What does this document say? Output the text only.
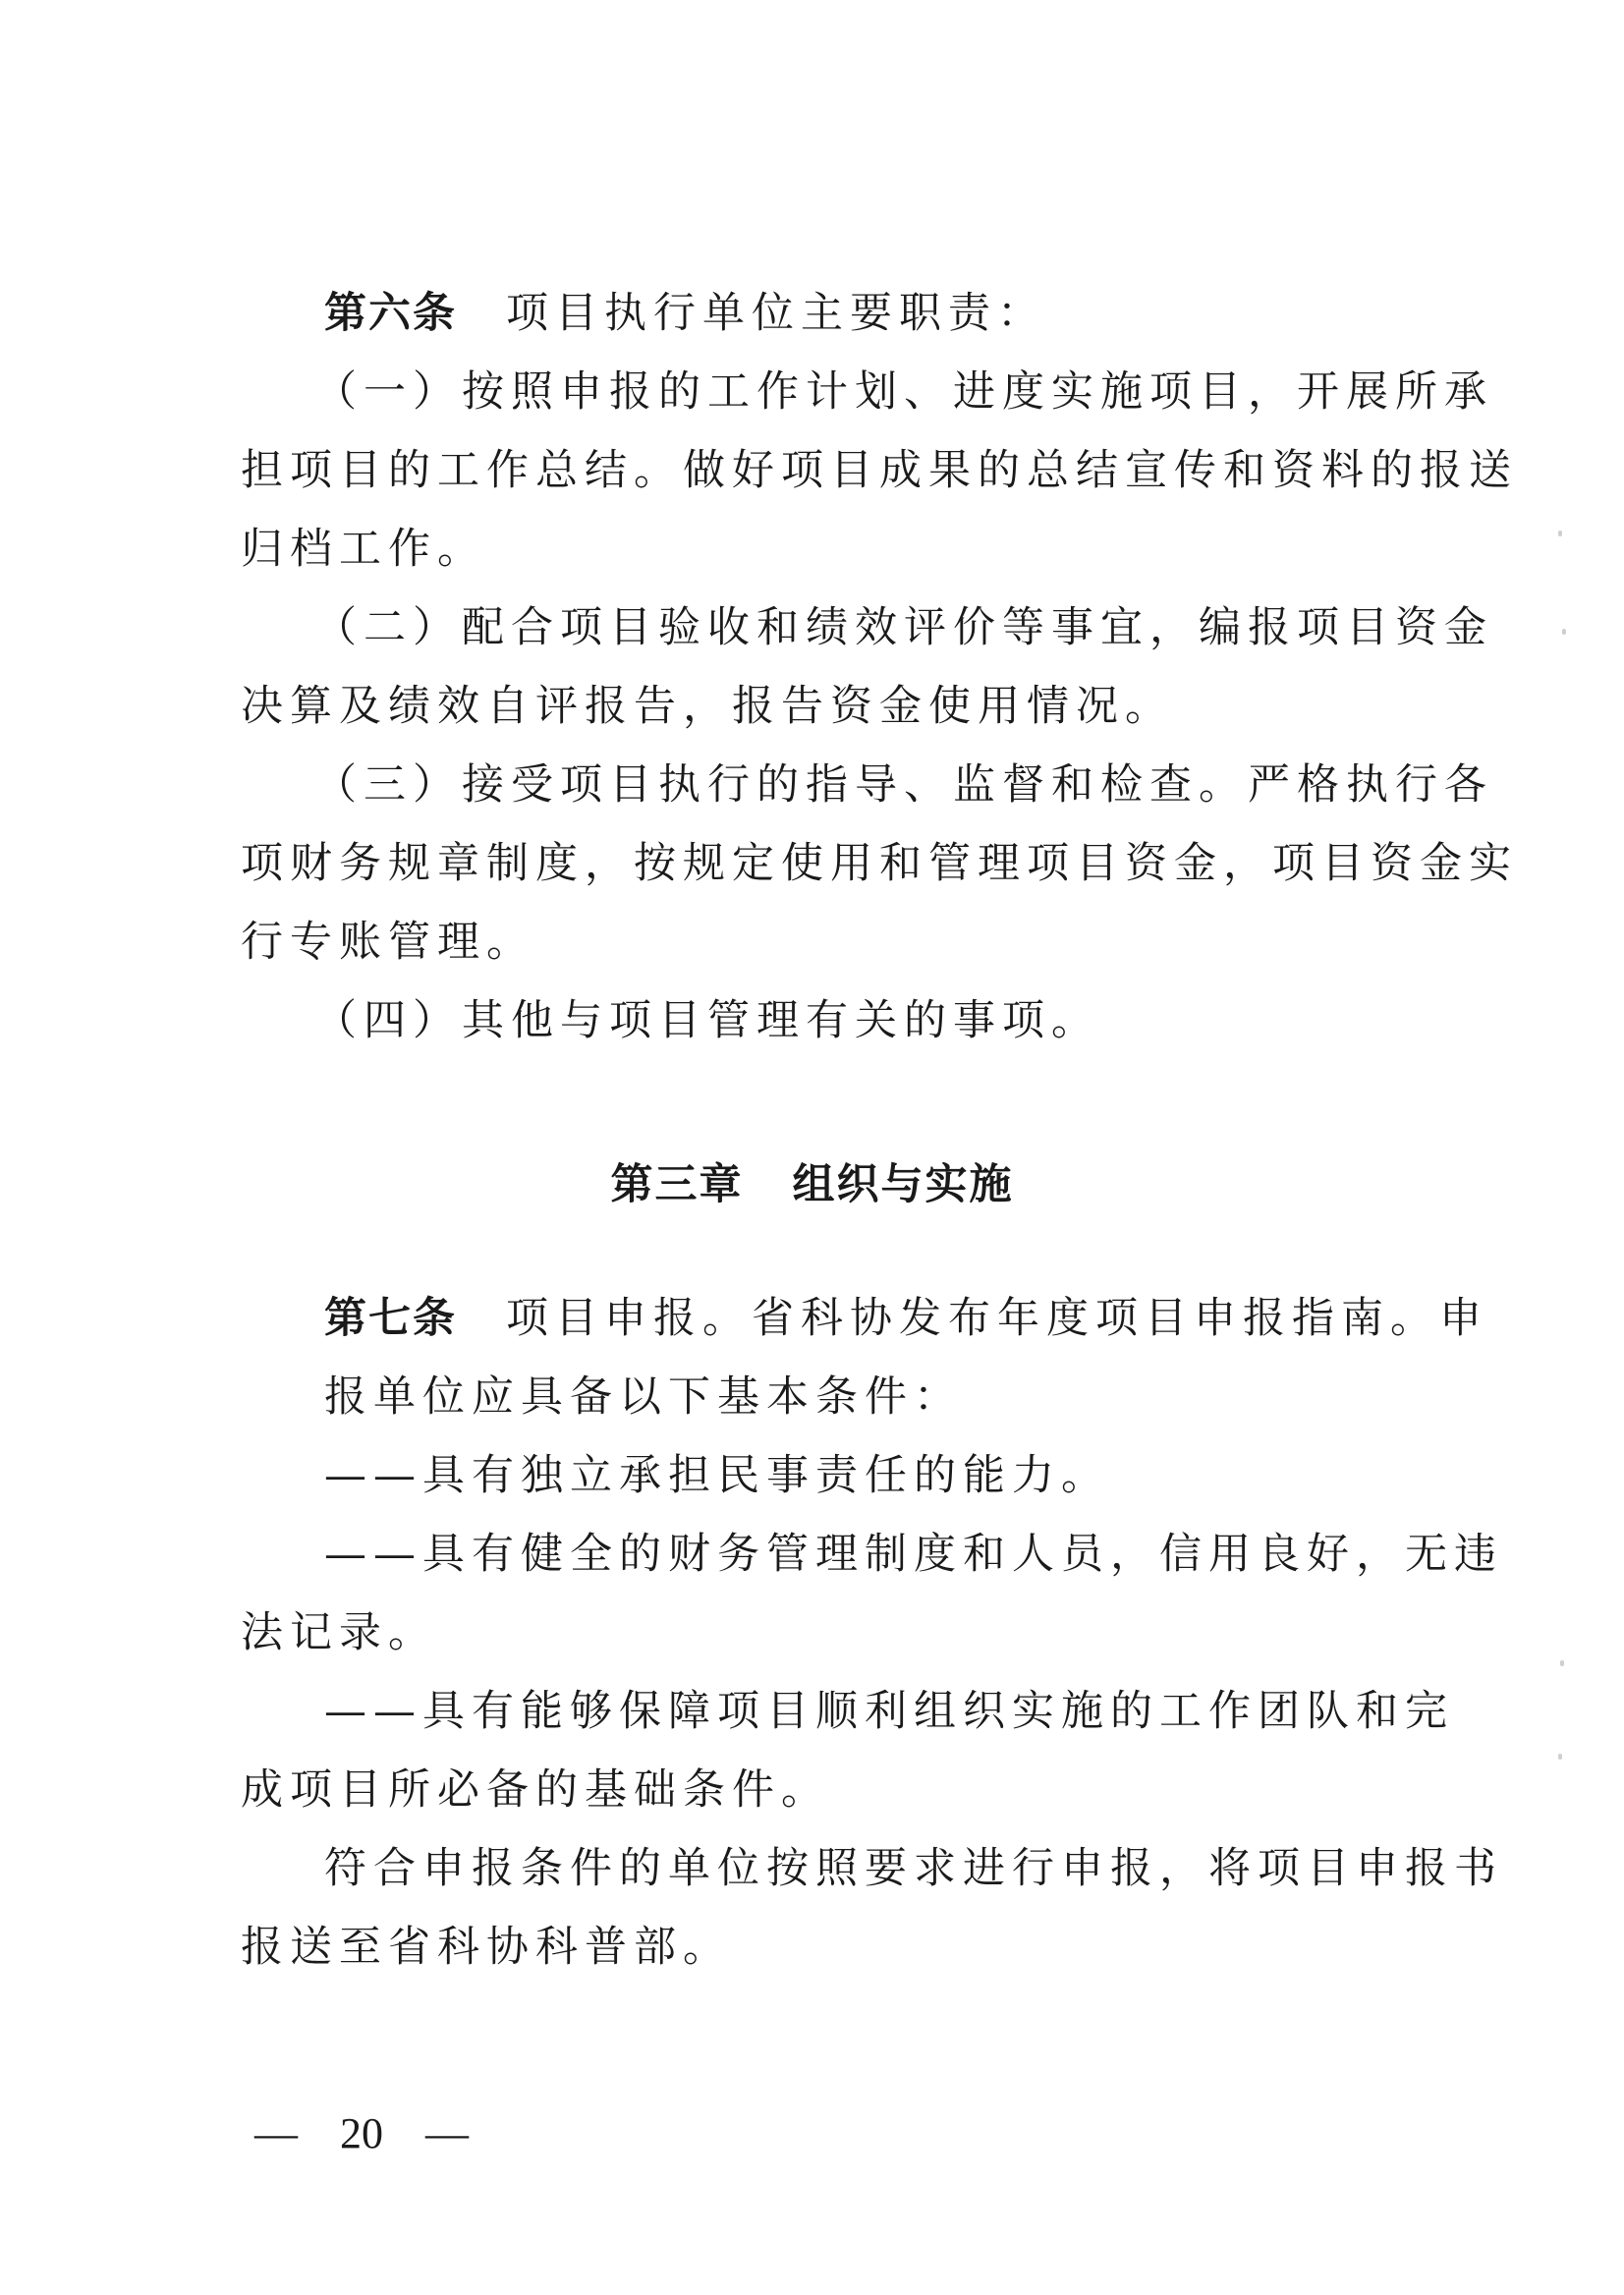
第六条 项目执行单位主要职责：
（一）按照申报的工作计划、进度实施项目，开展所承
担项目的工作总结。做好项目成果的总结宣传和资料的报送
归档工作。
（二）配合项目验收和绩效评价等事宜，编报项目资金
决算及绩效自评报告，报告资金使用情况。
（三）接受项目执行的指导、监督和检查。严格执行各
项财务规章制度，按规定使用和管理项目资金，项目资金实
行专账管理。
（四）其他与项目管理有关的事项。
第三章 组织与实施
第七条 项目申报。省科协发布年度项目申报指南。申
报单位应具备以下基本条件：
——具有独立承担民事责任的能力。
——具有健全的财务管理制度和人员，信用良好，无违
法记录。
——具有能够保障项目顺利组织实施的工作团队和完
成项目所必备的基础条件。
符合申报条件的单位按照要求进行申报，将项目申报书
报送至省科协科普部。
— 20 —
